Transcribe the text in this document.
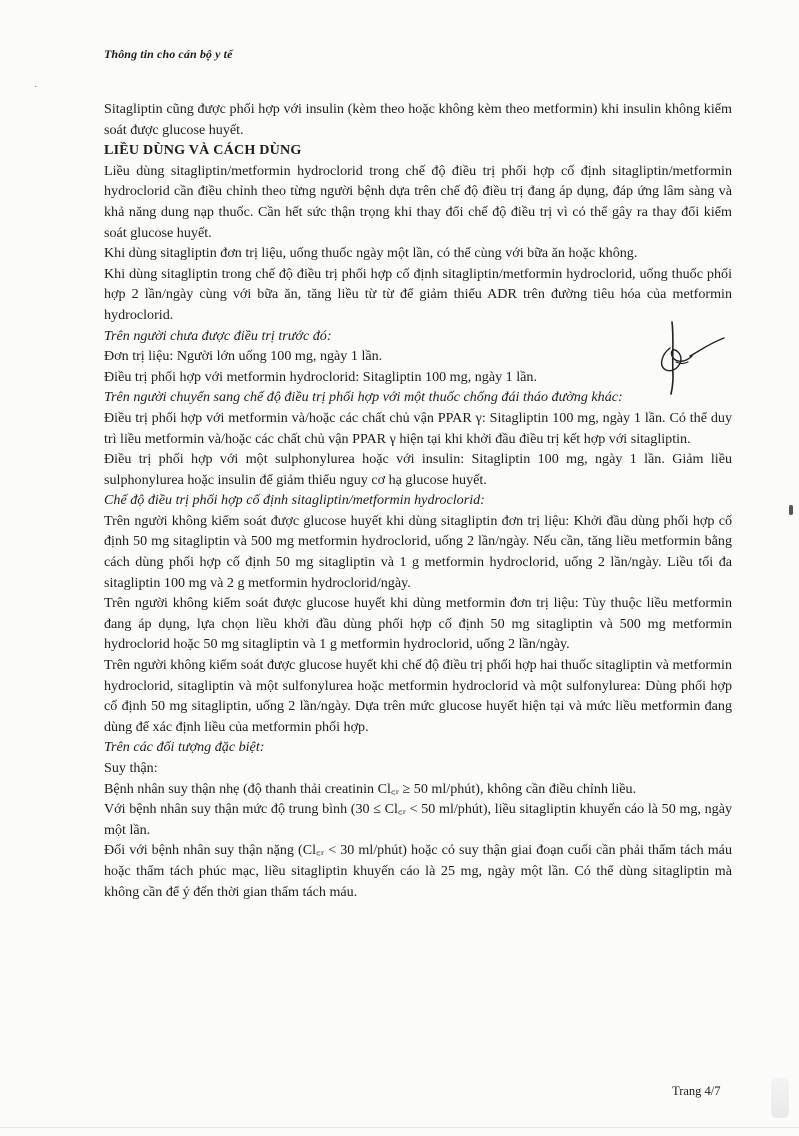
·
Thông tin cho cán bộ y tế

Sitagliptin cũng được phối hợp với insulin (kèm theo hoặc không kèm theo metformin) khi insulin không kiểm soát được glucose huyết.

LIỀU DÙNG VÀ CÁCH DÙNG

Liều dùng sitagliptin/metformin hydroclorid trong chế độ điều trị phối hợp cố định sitagliptin/metformin hydroclorid cần điều chỉnh theo từng người bệnh dựa trên chế độ điều trị đang áp dụng, đáp ứng lâm sàng và khả năng dung nạp thuốc. Cần hết sức thận trọng khi thay đổi chế độ điều trị vì có thể gây ra thay đổi kiểm soát glucose huyết.

Khi dùng sitagliptin đơn trị liệu, uống thuốc ngày một lần, có thể cùng với bữa ăn hoặc không.

Khi dùng sitagliptin trong chế độ điều trị phối hợp cố định sitagliptin/metformin hydroclorid, uống thuốc phối hợp 2 lần/ngày cùng với bữa ăn, tăng liều từ từ để giảm thiểu ADR trên đường tiêu hóa của metformin hydroclorid.

Trên người chưa được điều trị trước đó:

Đơn trị liệu: Người lớn uống 100 mg, ngày 1 lần.

Điều trị phối hợp với metformin hydroclorid: Sitagliptin 100 mg, ngày 1 lần.

Trên người chuyển sang chế độ điều trị phối hợp với một thuốc chống đái tháo đường khác:

Điều trị phối hợp với metformin và/hoặc các chất chủ vận PPAR γ: Sitagliptin 100 mg, ngày 1 lần. Có thể duy trì liều metformin và/hoặc các chất chủ vận PPAR γ hiện tại khi khởi đầu điều trị kết hợp với sitagliptin.

Điều trị phối hợp với một sulphonylurea hoặc với insulin: Sitagliptin 100 mg, ngày 1 lần. Giảm liều sulphonylurea hoặc insulin để giảm thiểu nguy cơ hạ glucose huyết.

Chế độ điều trị phối hợp cố định sitagliptin/metformin hydroclorid:

Trên người không kiểm soát được glucose huyết khi dùng sitagliptin đơn trị liệu: Khởi đầu dùng phối hợp cố định 50 mg sitagliptin và 500 mg metformin hydroclorid, uống 2 lần/ngày. Nếu cần, tăng liều metformin bằng cách dùng phối hợp cố định 50 mg sitagliptin và 1 g metformin hydroclorid, uống 2 lần/ngày. Liều tối đa sitagliptin 100 mg và 2 g metformin hydroclorid/ngày.

Trên người không kiểm soát được glucose huyết khi dùng metformin đơn trị liệu: Tùy thuộc liều metformin đang áp dụng, lựa chọn liều khởi đầu dùng phối hợp cố định 50 mg sitagliptin và 500 mg metformin hydroclorid hoặc 50 mg sitagliptin và 1 g metformin hydroclorid, uống 2 lần/ngày.

Trên người không kiểm soát được glucose huyết khi chế độ điều trị phối hợp hai thuốc sitagliptin và metformin hydroclorid, sitagliptin và một sulfonylurea hoặc metformin hydroclorid và một sulfonylurea: Dùng phối hợp cố định 50 mg sitagliptin, uống 2 lần/ngày. Dựa trên mức glucose huyết hiện tại và mức liều metformin đang dùng để xác định liều của metformin phối hợp.

Trên các đối tượng đặc biệt:

Suy thận:

Bệnh nhân suy thận nhẹ (độ thanh thải creatinin Cl꜀ᵣ ≥ 50 ml/phút), không cần điều chỉnh liều.

Với bệnh nhân suy thận mức độ trung bình (30 ≤ Cl꜀ᵣ < 50 ml/phút), liều sitagliptin khuyến cáo là 50 mg, ngày một lần.

Đối với bệnh nhân suy thận nặng (Cl꜀ᵣ < 30 ml/phút) hoặc có suy thận giai đoạn cuối cần phải thẩm tách máu hoặc thẩm tách phúc mạc, liều sitagliptin khuyến cáo là 25 mg, ngày một lần. Có thể dùng sitagliptin mà không cần để ý đến thời gian thẩm tách máu.

Trang 4/7
